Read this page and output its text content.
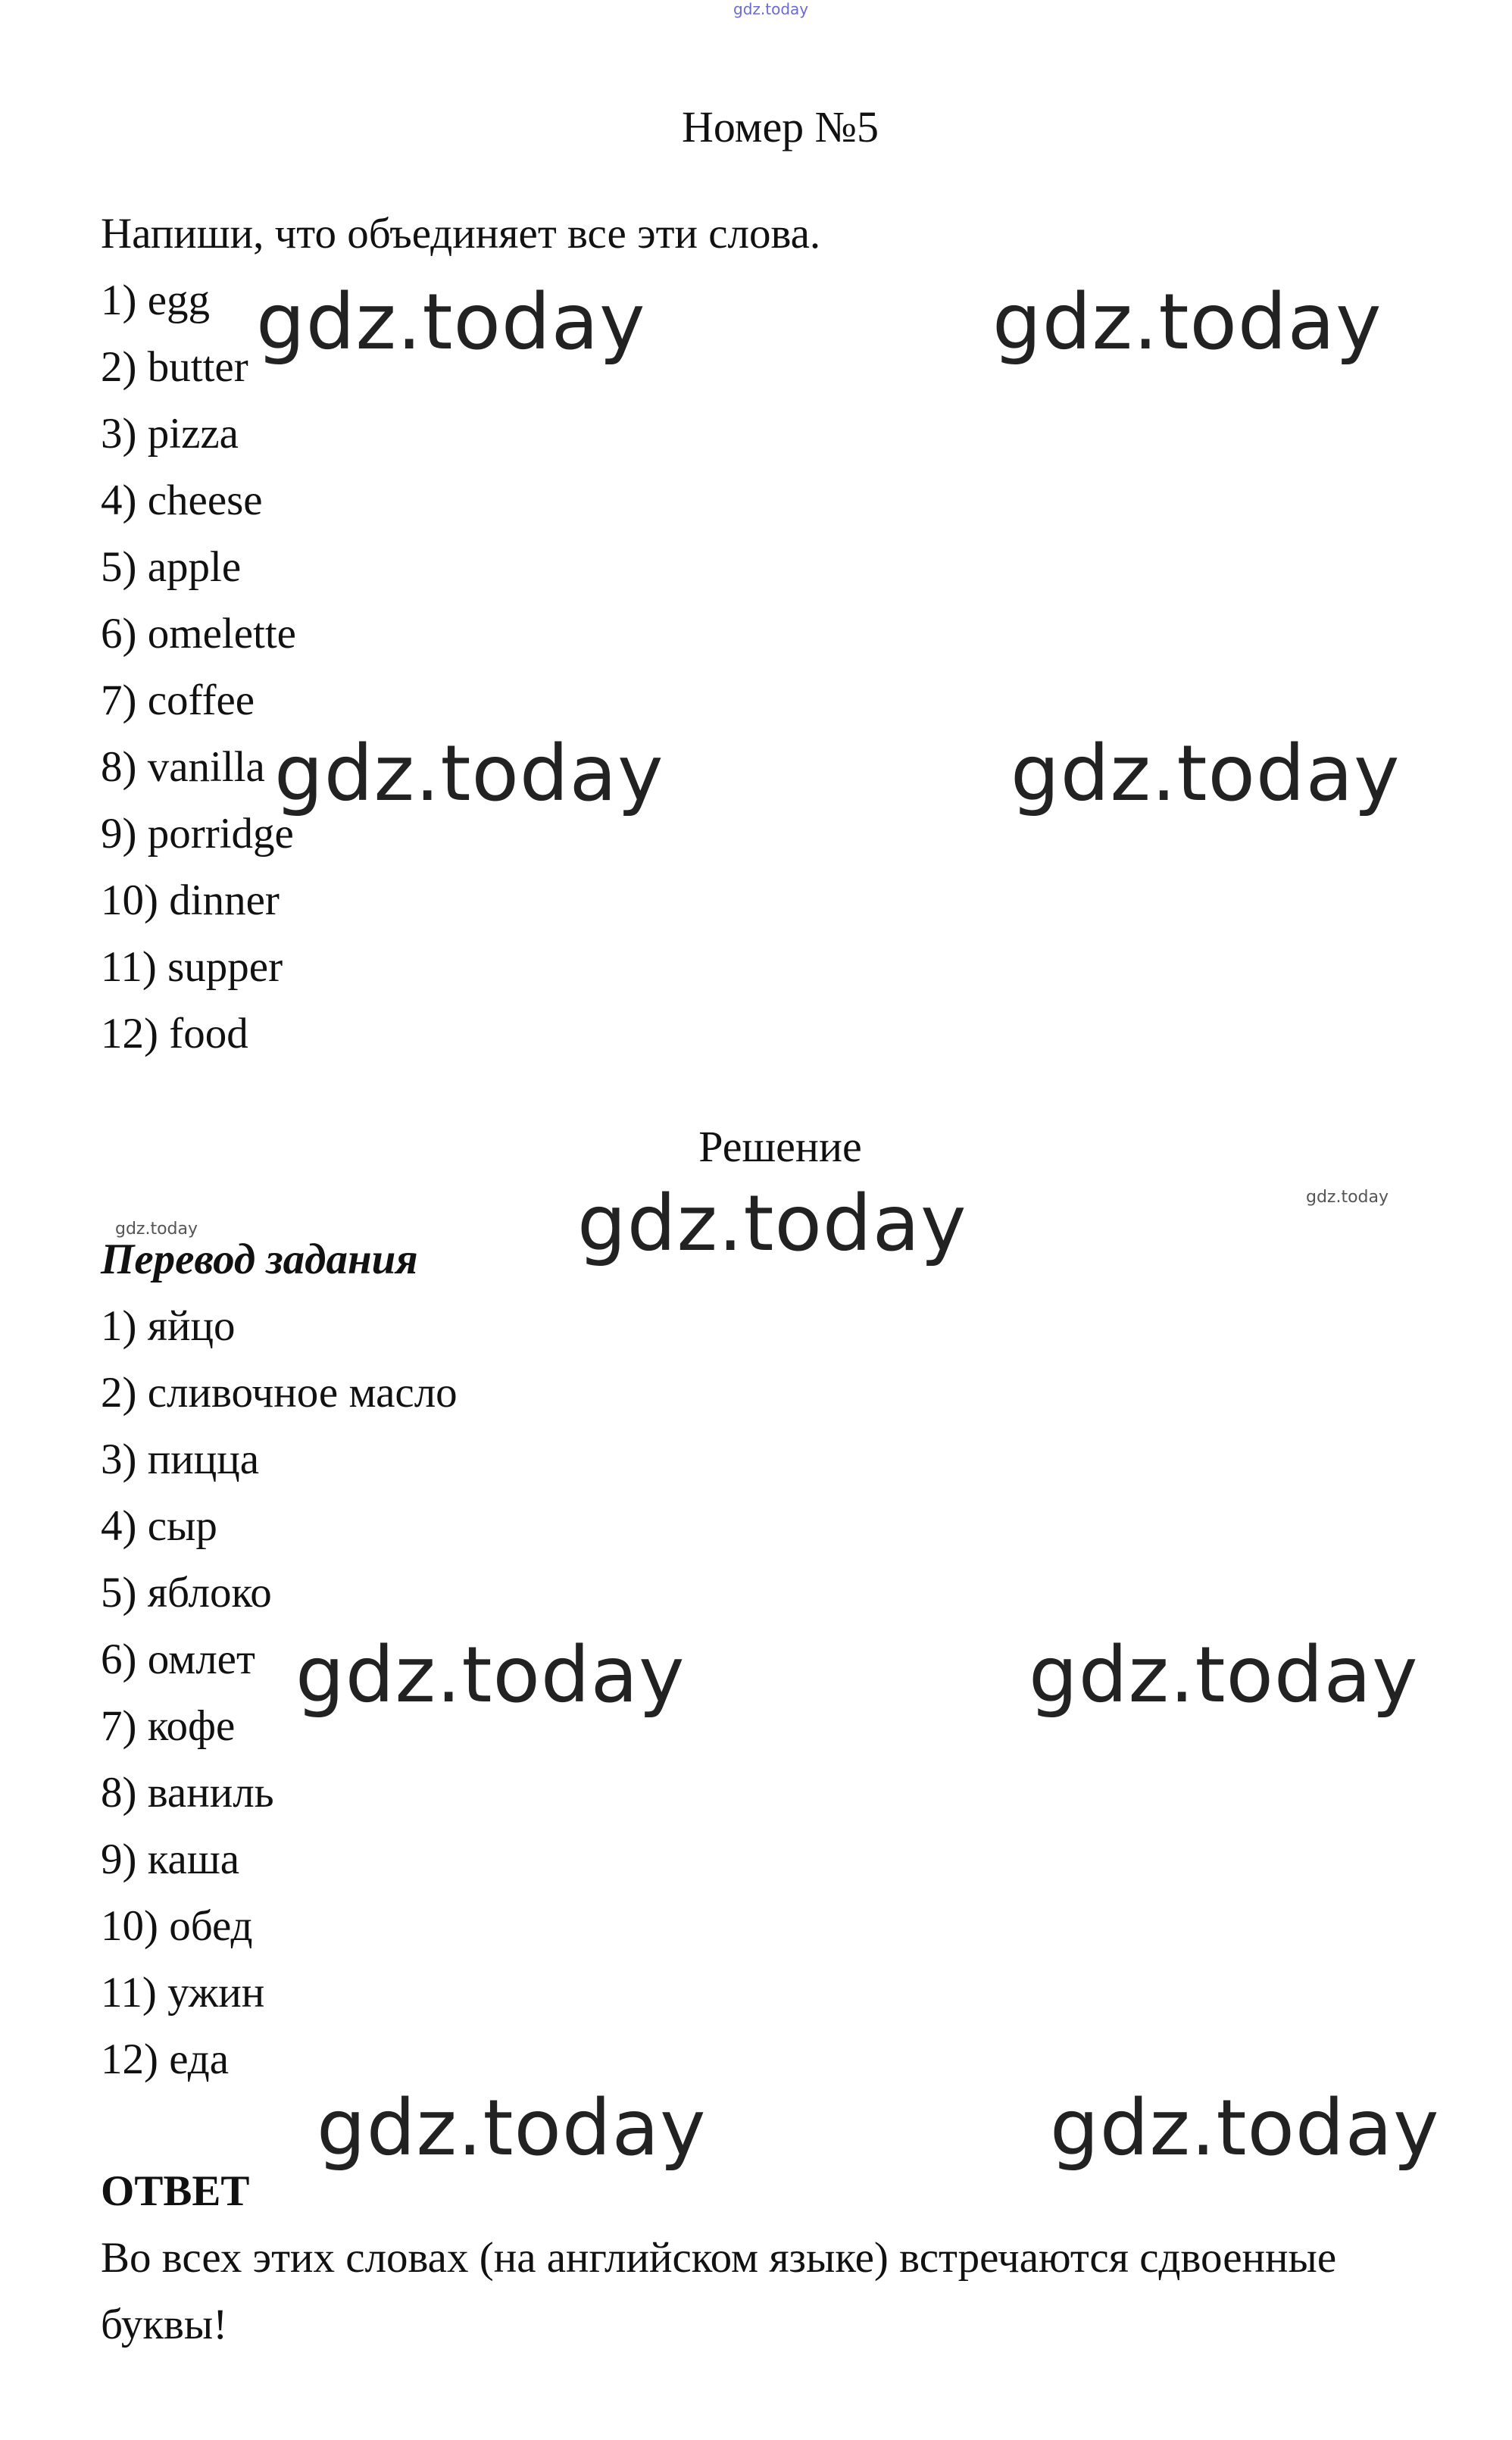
gdz.today
Номер №5
Напиши, что объединяет все эти слова.
1) egg
2) butter
3) pizza
4) cheese
5) apple
6) omelette
7) coffee
8) vanilla
9) porridge
10) dinner
11) supper
12) food
Решение
Перевод задания
1) яйцо
2) сливочное масло
3) пицца
4) сыр
5) яблоко
6) омлет
7) кофе
8) ваниль
9) каша
10) обед
11) ужин
12) еда
ОТВЕТ
Во всех этих словах (на английском языке) встречаются сдвоенные
буквы!
gdz.today	gdz.today
gdz.today	gdz.today
gdz.today
gdz.today	gdz.today
gdz.today	gdz.today
gdz.today
gdz.today
